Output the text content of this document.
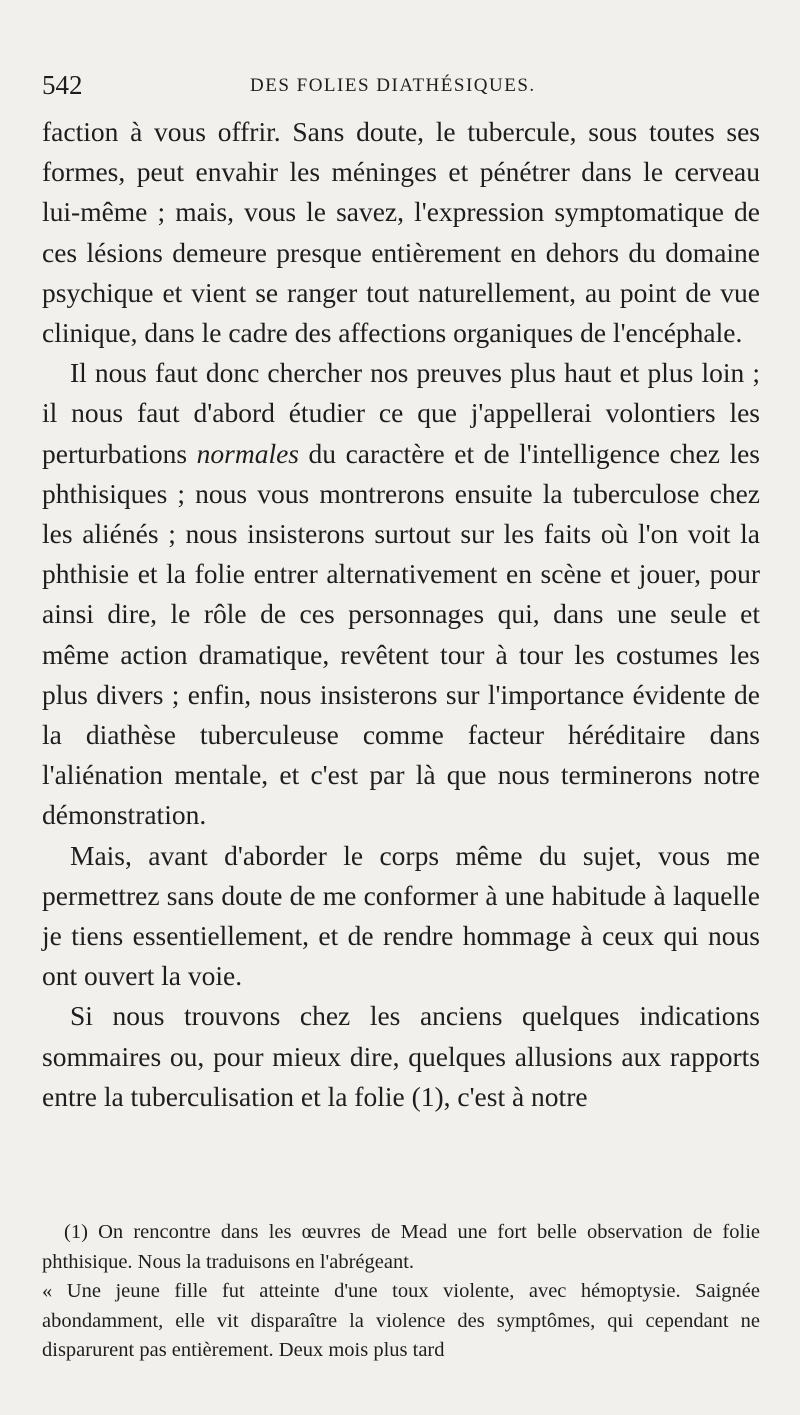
542	DES FOLIES DIATHÉSIQUES.

faction à vous offrir. Sans doute, le tubercule, sous toutes ses formes, peut envahir les méninges et pénétrer dans le cerveau lui-même ; mais, vous le savez, l'expression symptomatique de ces lésions demeure presque entièrement en dehors du domaine psychique et vient se ranger tout naturellement, au point de vue clinique, dans le cadre des affections organiques de l'encéphale.

Il nous faut donc chercher nos preuves plus haut et plus loin ; il nous faut d'abord étudier ce que j'appellerai volontiers les perturbations normales du caractère et de l'intelligence chez les phthisiques ; nous vous montrerons ensuite la tuberculose chez les aliénés ; nous insisterons surtout sur les faits où l'on voit la phthisie et la folie entrer alternativement en scène et jouer, pour ainsi dire, le rôle de ces personnages qui, dans une seule et même action dramatique, revêtent tour à tour les costumes les plus divers ; enfin, nous insisterons sur l'importance évidente de la diathèse tuberculeuse comme facteur héréditaire dans l'aliénation mentale, et c'est par là que nous terminerons notre démonstration.

Mais, avant d'aborder le corps même du sujet, vous me permettrez sans doute de me conformer à une habitude à laquelle je tiens essentiellement, et de rendre hommage à ceux qui nous ont ouvert la voie.

Si nous trouvons chez les anciens quelques indications sommaires ou, pour mieux dire, quelques allusions aux rapports entre la tuberculisation et la folie (1), c'est à notre

(1) On rencontre dans les œuvres de Mead une fort belle observation de folie phthisique. Nous la traduisons en l'abrégeant.

« Une jeune fille fut atteinte d'une toux violente, avec hémoptysie. Saignée abondamment, elle vit disparaître la violence des symptômes, qui cependant ne disparurent pas entièrement. Deux mois plus tard
